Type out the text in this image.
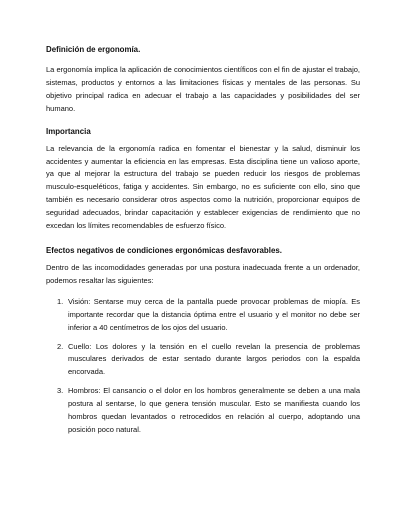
Definición de ergonomía.

La ergonomía implica la aplicación de conocimientos científicos con el fin de ajustar el trabajo, sistemas, productos y entornos a las limitaciones físicas y mentales de las personas. Su objetivo principal radica en adecuar el trabajo a las capacidades y posibilidades del ser humano.

Importancia

La relevancia de la ergonomía radica en fomentar el bienestar y la salud, disminuir los accidentes y aumentar la eficiencia en las empresas. Esta disciplina tiene un valioso aporte, ya que al mejorar la estructura del trabajo se pueden reducir los riesgos de problemas musculo-esqueléticos, fatiga y accidentes. Sin embargo, no es suficiente con ello, sino que también es necesario considerar otros aspectos como la nutrición, proporcionar equipos de seguridad adecuados, brindar capacitación y establecer exigencias de rendimiento que no excedan los límites recomendables de esfuerzo físico.

Efectos negativos de condiciones ergonómicas desfavorables.

Dentro de las incomodidades generadas por una postura inadecuada frente a un ordenador, podemos resaltar las siguientes:

1. Visión: Sentarse muy cerca de la pantalla puede provocar problemas de miopía. Es importante recordar que la distancia óptima entre el usuario y el monitor no debe ser inferior a 40 centímetros de los ojos del usuario.

2. Cuello: Los dolores y la tensión en el cuello revelan la presencia de problemas musculares derivados de estar sentado durante largos periodos con la espalda encorvada.

3. Hombros: El cansancio o el dolor en los hombros generalmente se deben a una mala postura al sentarse, lo que genera tensión muscular. Esto se manifiesta cuando los hombros quedan levantados o retrocedidos en relación al cuerpo, adoptando una posición poco natural.
